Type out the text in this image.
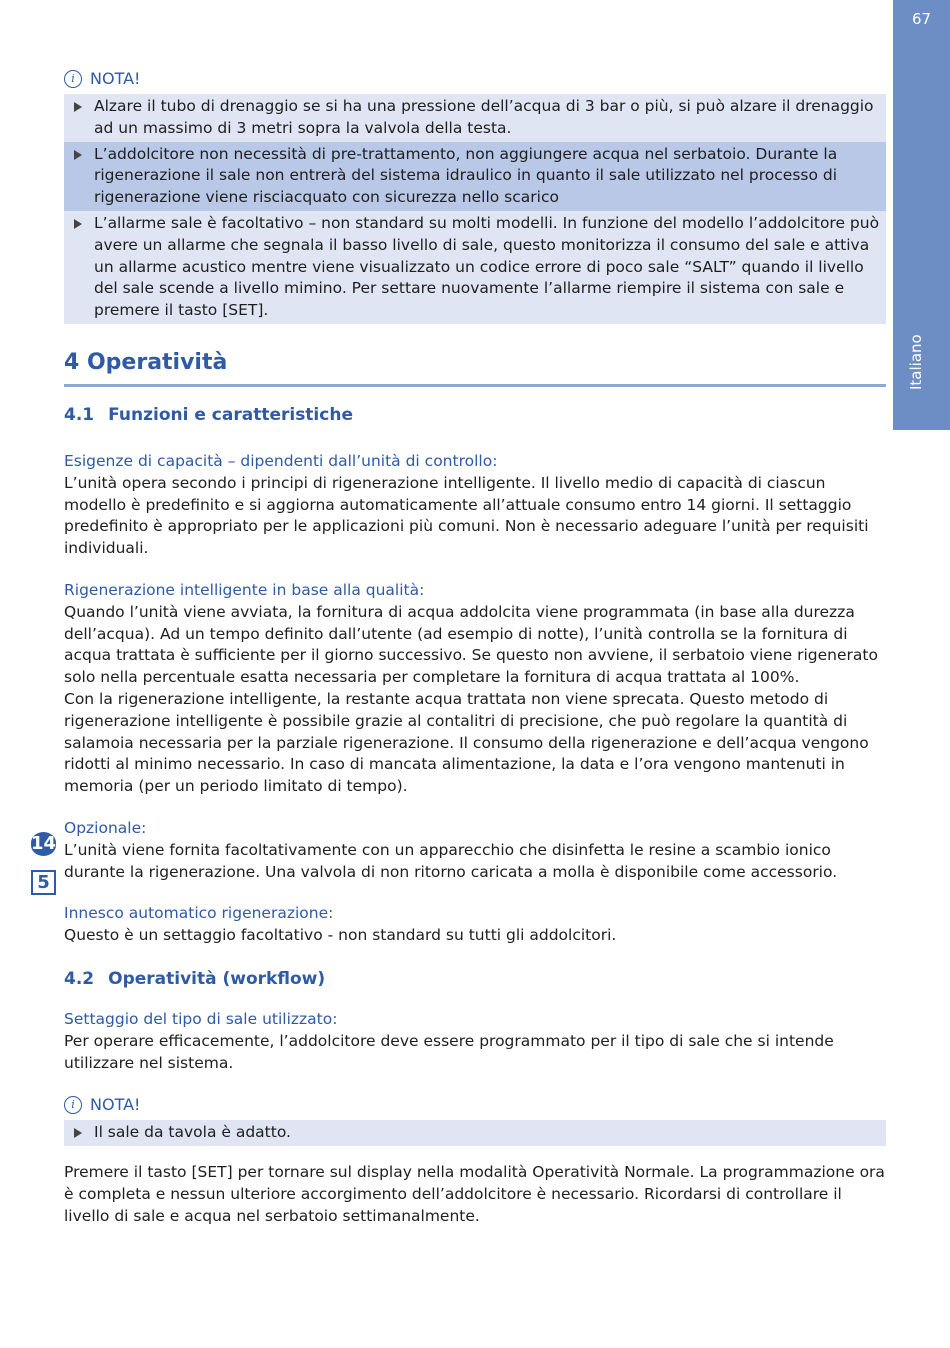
67
Italiano
14
5
i NOTA!
Alzare il tubo di drenaggio se si ha una pressione dell’acqua di 3 bar o più, si può alzare il drenaggio ad un massimo di 3 metri sopra la valvola della testa.
L’addolcitore non necessità di pre-trattamento, non aggiungere acqua nel serbatoio. Durante la rigenerazione il sale non entrerà del sistema idraulico in quanto il sale utilizzato nel processo di rigenerazione viene risciacquato con sicurezza nello scarico
L’allarme sale è facoltativo – non standard su molti modelli. In funzione del modello l’addolcitore può avere un allarme che segnala il basso livello di sale, questo monitorizza il consumo del sale e attiva un allarme acustico mentre viene visualizzato un codice errore di poco sale “SALT” quando il livello del sale scende a livello mimino. Per settare nuovamente l’allarme riempire il sistema con sale e premere il tasto [SET].
4 Operatività
4.1 Funzioni e caratteristiche
Esigenze di capacità – dipendenti dall’unità di controllo:

L’unità opera secondo i principi di rigenerazione intelligente. Il livello medio di capacità di ciascun modello è predefinito e si aggiorna automaticamente all’attuale consumo entro 14 giorni. Il settaggio predefinito è appropriato per le applicazioni più comuni. Non è necessario adeguare l’unità per requisiti individuali.

Rigenerazione intelligente in base alla qualità:

Quando l’unità viene avviata, la fornitura di acqua addolcita viene programmata (in base alla durezza dell’acqua). Ad un tempo definito dall’utente (ad esempio di notte), l’unità controlla se la fornitura di acqua trattata è sufficiente per il giorno successivo. Se questo non avviene, il serbatoio viene rigenerato solo nella percentuale esatta necessaria per completare la fornitura di acqua trattata al 100%.

Con la rigenerazione intelligente, la restante acqua trattata non viene sprecata. Questo metodo di rigenerazione intelligente è possibile grazie al contalitri di precisione, che può regolare la quantità di salamoia necessaria per la parziale rigenerazione. Il consumo della rigenerazione e dell’acqua vengono ridotti al minimo necessario. In caso di mancata alimentazione, la data e l’ora vengono mantenuti in memoria (per un periodo limitato di tempo).

Opzionale:

L’unità viene fornita facoltativamente con un apparecchio che disinfetta le resine a scambio ionico durante la rigenerazione. Una valvola di non ritorno caricata a molla è disponibile come accessorio.

Innesco automatico rigenerazione:

Questo è un settaggio facoltativo - non standard su tutti gli addolcitori.

4.2 Operatività (workflow)
Settaggio del tipo di sale utilizzato:

Per operare efficacemente, l’addolcitore deve essere programmato per il tipo di sale che si intende utilizzare nel sistema.

i NOTA!
Il sale da tavola è adatto.

Premere il tasto [SET] per tornare sul display nella modalità Operatività Normale. La programmazione ora è completa e nessun ulteriore accorgimento dell’addolcitore è necessario. Ricordarsi di controllare il livello di sale e acqua nel serbatoio settimanalmente.
